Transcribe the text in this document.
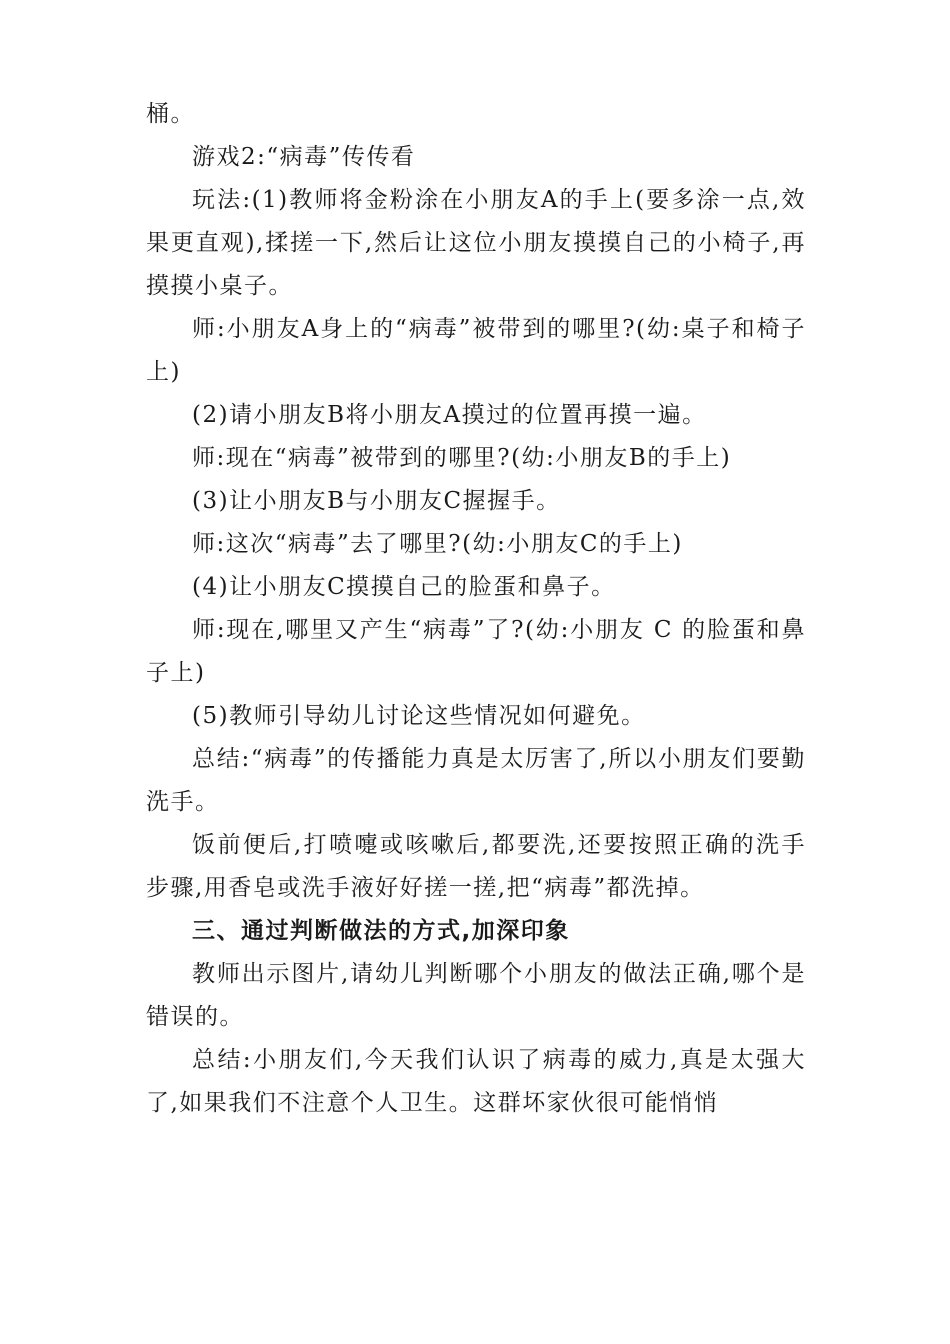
桶。

游戏2:“病毒”传传看

玩法:(1)教师将金粉涂在小朋友A的手上(要多涂一点,效果更直观),揉搓一下,然后让这位小朋友摸摸自己的小椅子,再摸摸小桌子。

师:小朋友A身上的“病毒”被带到的哪里?(幼:桌子和椅子上)

(2)请小朋友B将小朋友A摸过的位置再摸一遍。

师:现在“病毒”被带到的哪里?(幼:小朋友B的手上)

(3)让小朋友B与小朋友C握握手。

师:这次“病毒”去了哪里?(幼:小朋友C的手上)

(4)让小朋友C摸摸自己的脸蛋和鼻子。

师:现在,哪里又产生“病毒”了?(幼:小朋友 C 的脸蛋和鼻子上)

(5)教师引导幼儿讨论这些情况如何避免。

总结:“病毒”的传播能力真是太厉害了,所以小朋友们要勤洗手。

饭前便后,打喷嚏或咳嗽后,都要洗,还要按照正确的洗手步骤,用香皂或洗手液好好搓一搓,把“病毒”都洗掉。

三、通过判断做法的方式,加深印象

教师出示图片,请幼儿判断哪个小朋友的做法正确,哪个是错误的。

总结:小朋友们,今天我们认识了病毒的威力,真是太强大了,如果我们不注意个人卫生。这群坏家伙很可能悄悄
